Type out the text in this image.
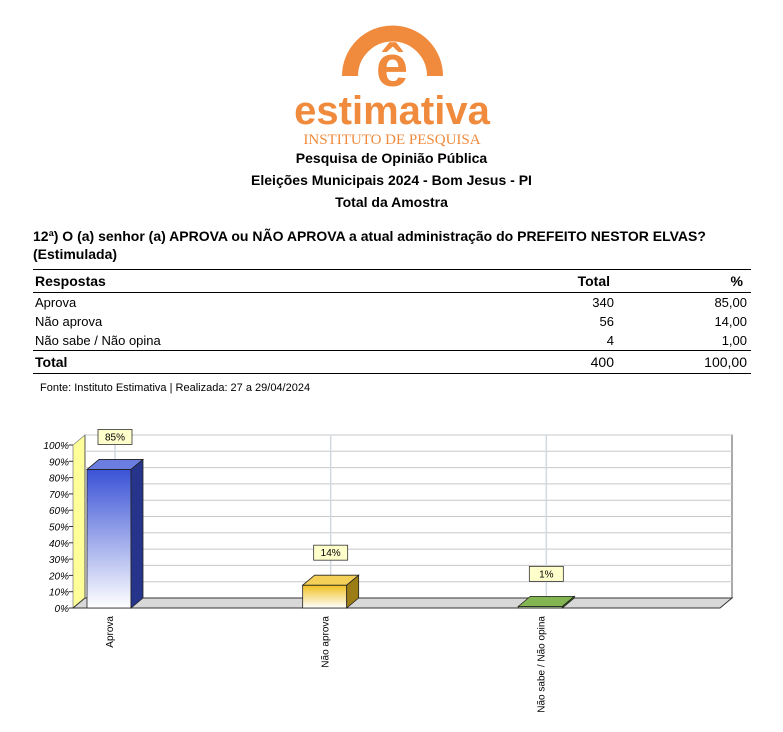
ê
estimativa
INSTITUTO DE PESQUISA
Pesquisa de Opinião Pública
Eleições Municipais 2024 - Bom Jesus - PI
Total da Amostra
12ª) O (a) senhor (a) APROVA ou NÃO APROVA a atual administração do PREFEITO NESTOR ELVAS? (Estimulada)
Respostas	Total	%
Aprova	340	85,00
Não aprova	56	14,00
Não sabe / Não opina	4	1,00
Total	400	100,00
Fonte: Instituto Estimativa | Realizada: 27 a 29/04/2024
0%
10%
20%
30%
40%
50%
60%
70%
80%
90%
100%
85%
Aprova
14%
Não aprova
1%
Não sabe / Não opina
